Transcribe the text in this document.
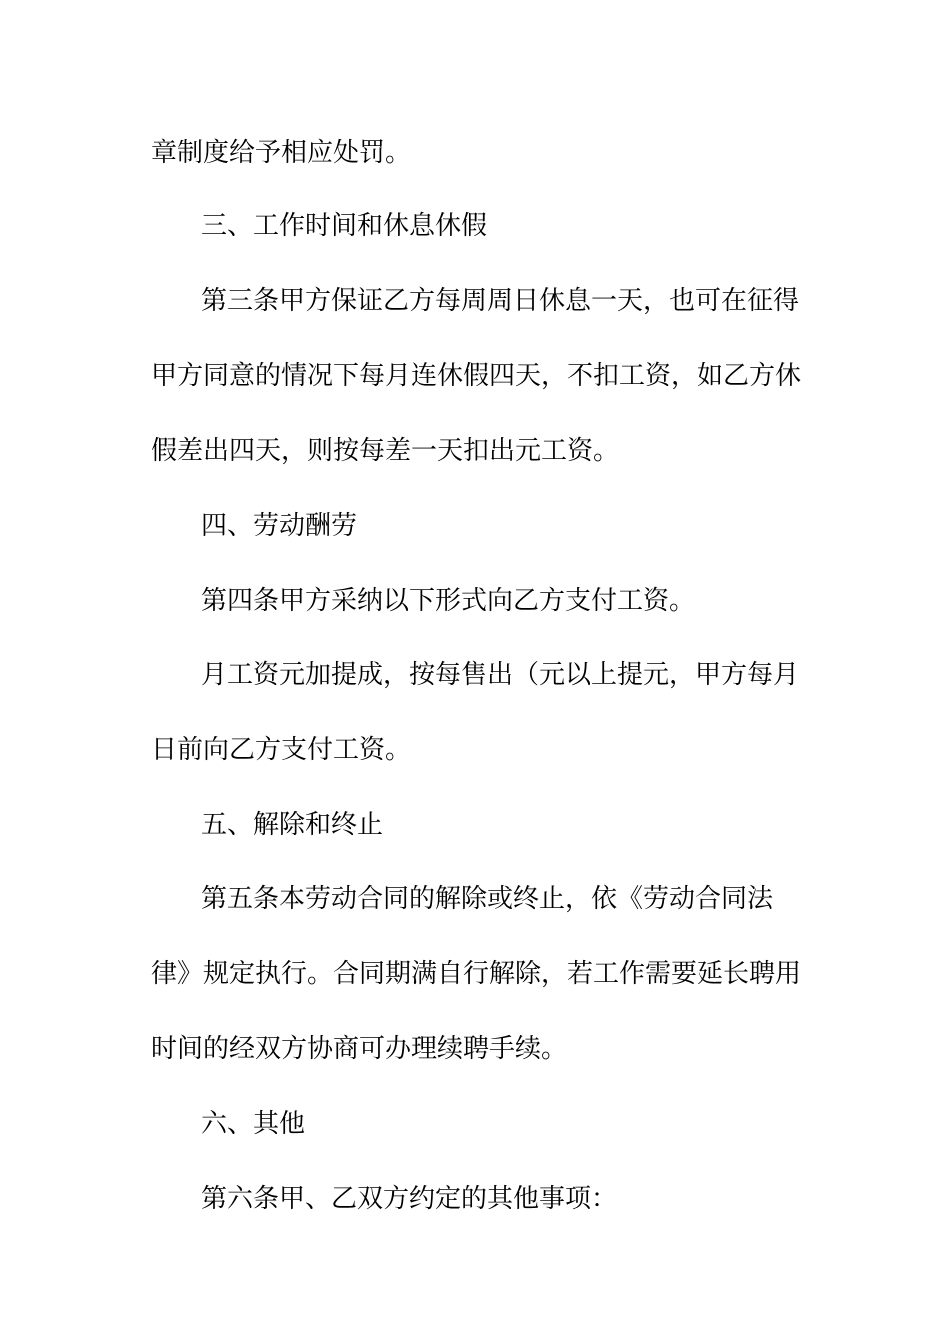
章制度给予相应处罚。
三、工作时间和休息休假
第三条甲方保证乙方每周周日休息一天，也可在征得
甲方同意的情况下每月连休假四天，不扣工资，如乙方休
假差出四天，则按每差一天扣出元工资。
四、劳动酬劳
第四条甲方采纳以下形式向乙方支付工资。
月工资元加提成，按每售出（元以上提元，甲方每月
日前向乙方支付工资。
五、解除和终止
第五条本劳动合同的解除或终止，依《劳动合同法
律》规定执行。合同期满自行解除，若工作需要延长聘用
时间的经双方协商可办理续聘手续。
六、其他
第六条甲、乙双方约定的其他事项：
